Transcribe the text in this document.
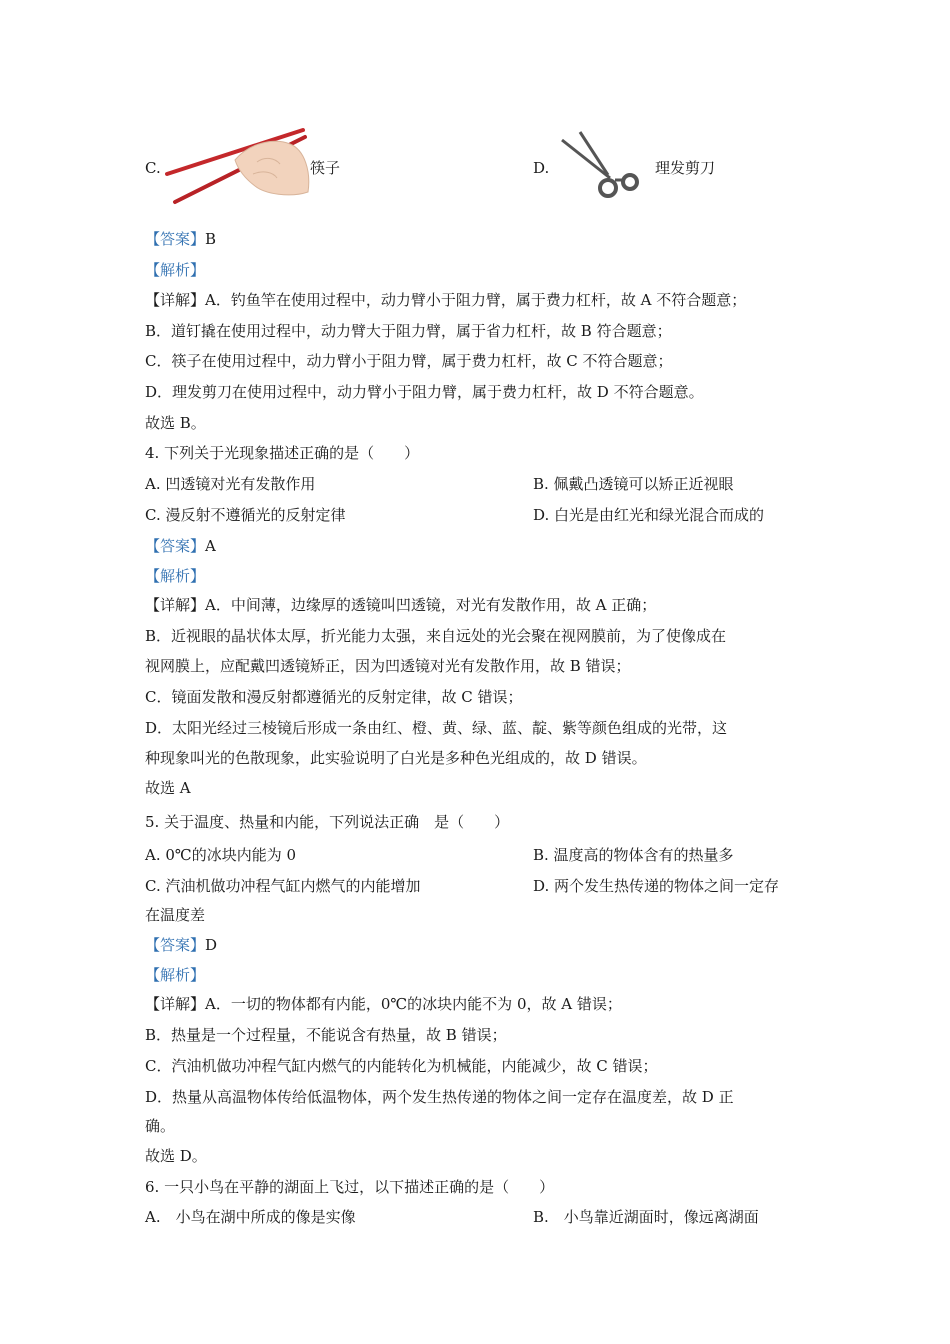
C.	筷子	D.	理发剪刀
【答案】B
【解析】
【详解】A．钓鱼竿在使用过程中，动力臂小于阻力臂，属于费力杠杆，故 A 不符合题意；
B．道钉撬在使用过程中，动力臂大于阻力臂，属于省力杠杆，故 B 符合题意；
C．筷子在使用过程中，动力臂小于阻力臂，属于费力杠杆，故 C 不符合题意；
D．理发剪刀在使用过程中，动力臂小于阻力臂，属于费力杠杆，故 D 不符合题意。
故选 B。
4. 下列关于光现象描述正确的是（　　）
A. 凹透镜对光有发散作用	B. 佩戴凸透镜可以矫正近视眼
C. 漫反射不遵循光的反射定律	D. 白光是由红光和绿光混合而成的
【答案】A
【解析】
【详解】A．中间薄，边缘厚的透镜叫凹透镜，对光有发散作用，故 A 正确；
B．近视眼的晶状体太厚，折光能力太强，来自远处的光会聚在视网膜前，为了使像成在
视网膜上，应配戴凹透镜矫正，因为凹透镜对光有发散作用，故 B 错误；
C．镜面发散和漫反射都遵循光的反射定律，故 C 错误；
D．太阳光经过三棱镜后形成一条由红、橙、黄、绿、蓝、靛、紫等颜色组成的光带，这
种现象叫光的色散现象，此实验说明了白光是多种色光组成的，故 D 错误。
故选 A
5. 关于温度、热量和内能，下列说法正确　是（　　）
A. 0℃的冰块内能为 0	B. 温度高的物体含有的热量多
C. 汽油机做功冲程气缸内燃气的内能增加	D. 两个发生热传递的物体之间一定存
在温度差
【答案】D
【解析】
【详解】A．一切的物体都有内能，0℃的冰块内能不为 0，故 A 错误；
B．热量是一个过程量，不能说含有热量，故 B 错误；
C．汽油机做功冲程气缸内燃气的内能转化为机械能，内能减少，故 C 错误；
D．热量从高温物体传给低温物体，两个发生热传递的物体之间一定存在温度差，故 D 正
确。
故选 D。
6. 一只小鸟在平静的湖面上飞过，以下描述正确的是（　　）
A.　小鸟在湖中所成的像是实像	B.　小鸟靠近湖面时，像远离湖面
